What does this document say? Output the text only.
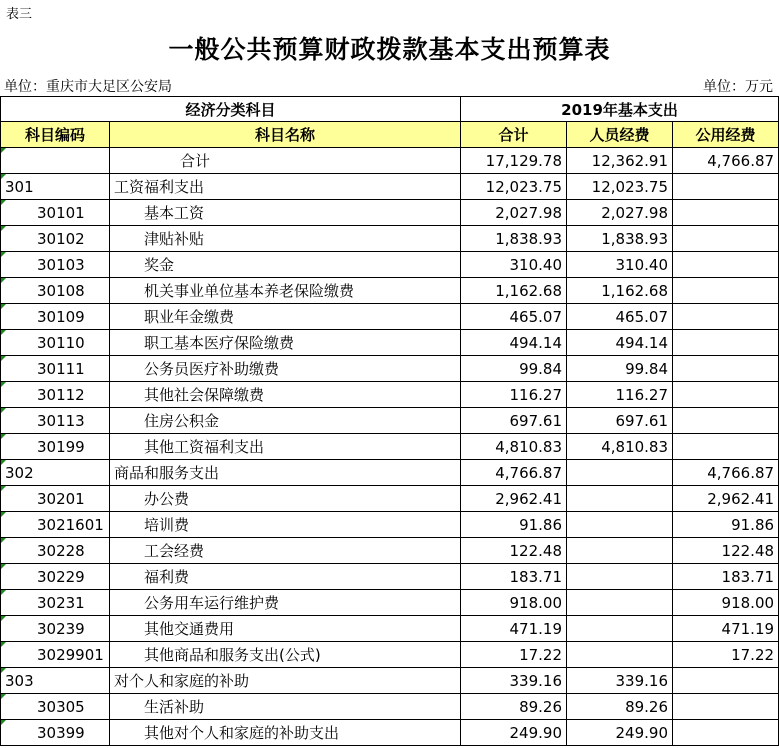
表三
一般公共预算财政拨款基本支出预算表
单位：重庆市大足区公安局	单位：万元
经济分类科目		2019年基本支出		
科目编码	科目名称	合计	人员经费	公用经费

	合计	17,129.78	12,362.91	4,766.87

301	工资福利支出	12,023.75	12,023.75	

30101	基本工资	2,027.98	2,027.98	

30102	津贴补贴	1,838.93	1,838.93	

30103	奖金	310.40	310.40	

30108	机关事业单位基本养老保险缴费	1,162.68	1,162.68	

30109	职业年金缴费	465.07	465.07	

30110	职工基本医疗保险缴费	494.14	494.14	

30111	公务员医疗补助缴费	99.84	99.84	

30112	其他社会保障缴费	116.27	116.27	

30113	住房公积金	697.61	697.61	

30199	其他工资福利支出	4,810.83	4,810.83	

302	商品和服务支出	4,766.87		4,766.87

30201	办公费	2,962.41		2,962.41

3021601	培训费	91.86		91.86

30228	工会经费	122.48		122.48

30229	福利费	183.71		183.71

30231	公务用车运行维护费	918.00		918.00

30239	其他交通费用	471.19		471.19

3029901	其他商品和服务支出(公式)	17.22		17.22

303	对个人和家庭的补助	339.16	339.16	

30305	生活补助	89.26	89.26	

30399	其他对个人和家庭的补助支出	249.90	249.90	
